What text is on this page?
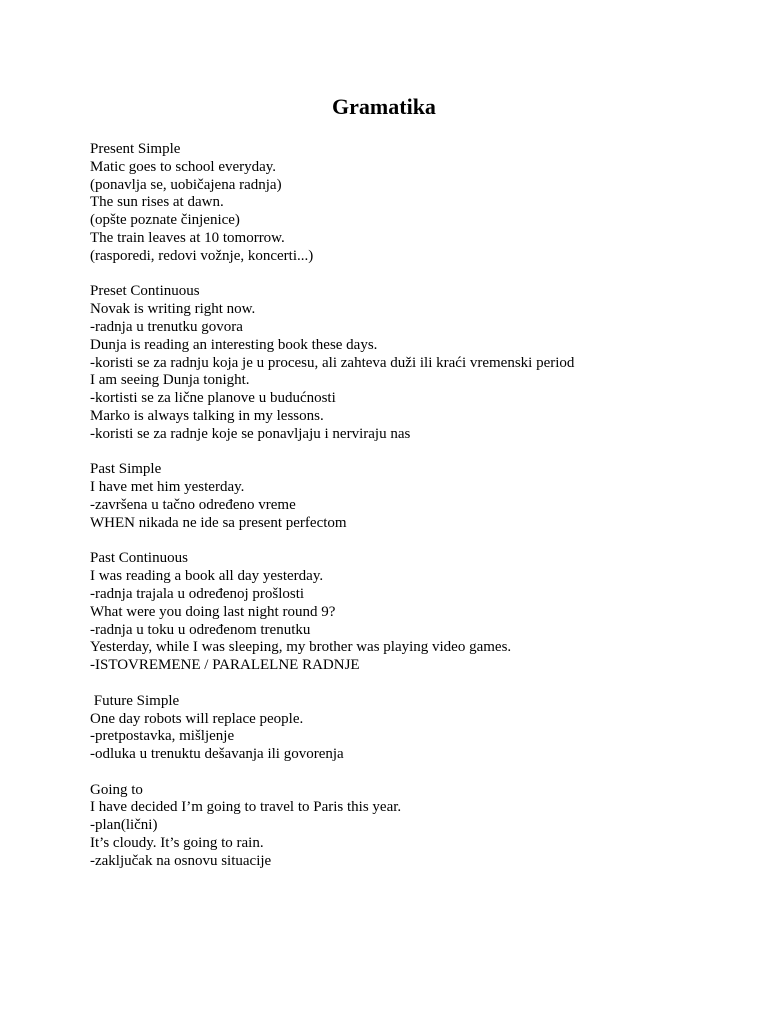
Gramatika
Present Simple
Matic goes to school everyday.
(ponavlja se, uobičajena radnja)
The sun rises at dawn.
(opšte poznate činjenice)
The train leaves at 10 tomorrow.
(rasporedi, redovi vožnje, koncerti...)
Preset Continuous
Novak is writing right now.
-radnja u trenutku govora
Dunja is reading an interesting book these days.
-koristi se za radnju koja je u procesu, ali zahteva duži ili kraći vremenski period
I am seeing Dunja tonight.
-kortisti se za lične planove u budućnosti
Marko is always talking in my lessons.
-koristi se za radnje koje se ponavljaju i nerviraju nas
Past Simple
I have met him yesterday.
-završena u tačno određeno vreme
WHEN nikada ne ide sa present perfectom
Past Continuous
I was reading a book all day yesterday.
-radnja trajala u određenoj prošlosti
What were you doing last night round 9?
-radnja u toku u određenom trenutku
Yesterday, while I was sleeping, my brother was playing video games.
-ISTOVREMENE / PARALELNE RADNJE
Future Simple
One day robots will replace people.
-pretpostavka, mišljenje
-odluka u trenuktu dešavanja ili govorenja
Going to
I have decided I’m going to travel to Paris this year.
-plan(lični)
It’s cloudy. It’s going to rain.
-zaključak na osnovu situacije
